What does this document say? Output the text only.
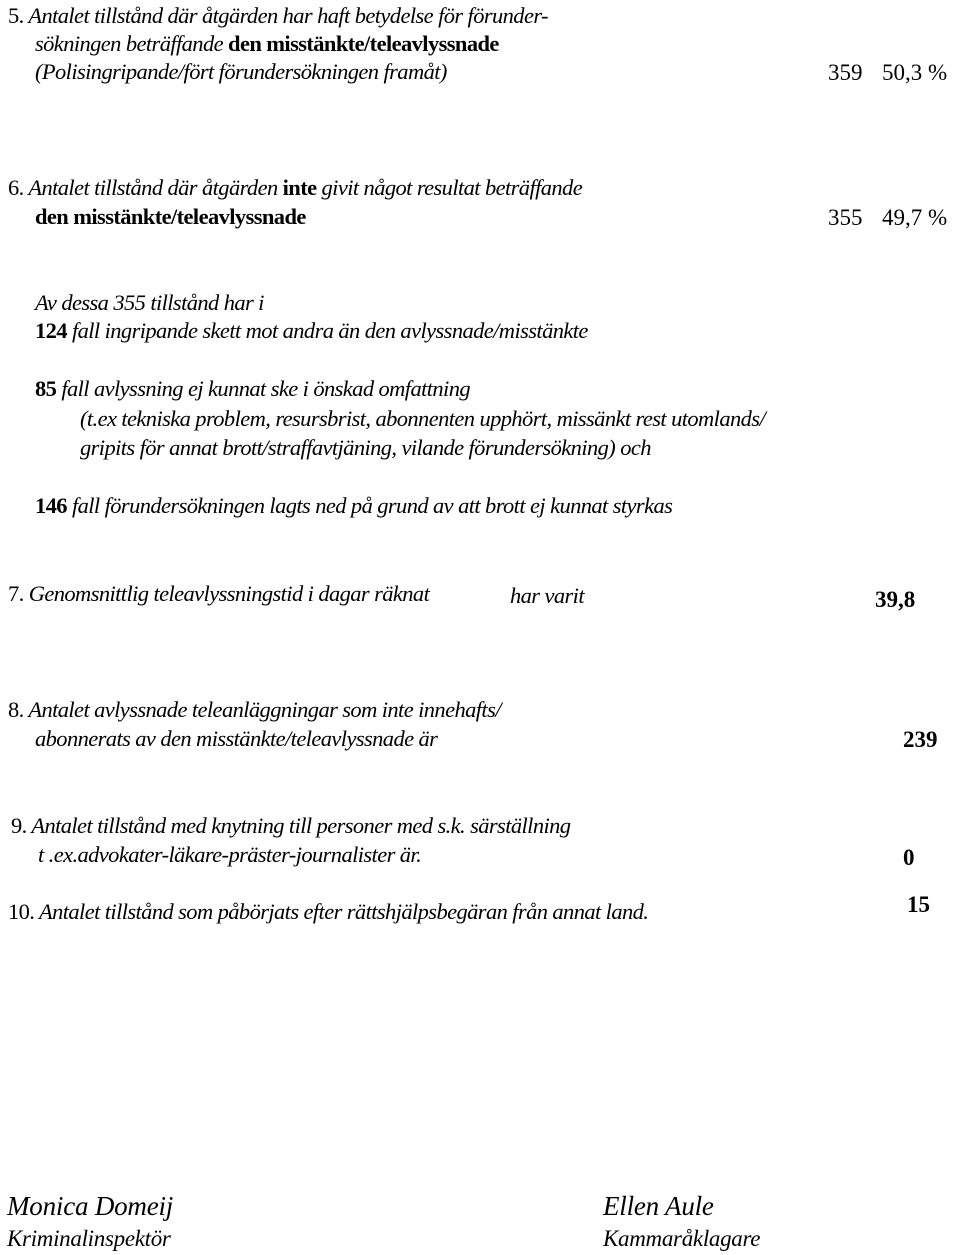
5. Antalet tillstånd där åtgärden har haft betydelse för förunder-
sökningen beträffande den misstänkte/teleavlyssnade
(Polisingripande/fört förundersökningen framåt)	359 50,3 %
6. Antalet tillstånd där åtgärden inte givit något resultat beträffande
den misstänkte/teleavlyssnade	355 49,7 %
Av dessa 355 tillstånd har i
124 fall ingripande skett mot andra än den avlyssnade/misstänkte
85 fall avlyssning ej kunnat ske i önskad omfattning
(t.ex tekniska problem, resursbrist, abonnenten upphört, missänkt rest utomlands/
gripits för annat brott/straffavtjäning, vilande förundersökning) och
146 fall förundersökningen lagts ned på grund av att brott ej kunnat styrkas
7. Genomsnittlig teleavlyssningstid i dagar räknat	har varit	39,8
8. Antalet avlyssnade teleanläggningar som inte innehafts/
abonnerats av den misstänkte/teleavlyssnade är	239
9. Antalet tillstånd med knytning till personer med s.k. särställning
t .ex.advokater-läkare-präster-journalister är.	0
10. Antalet tillstånd som påbörjats efter rättshjälpsbegäran från annat land.	15
Monica Domeij
Kriminalinspektör
Ellen Aule
Kammaråklagare
